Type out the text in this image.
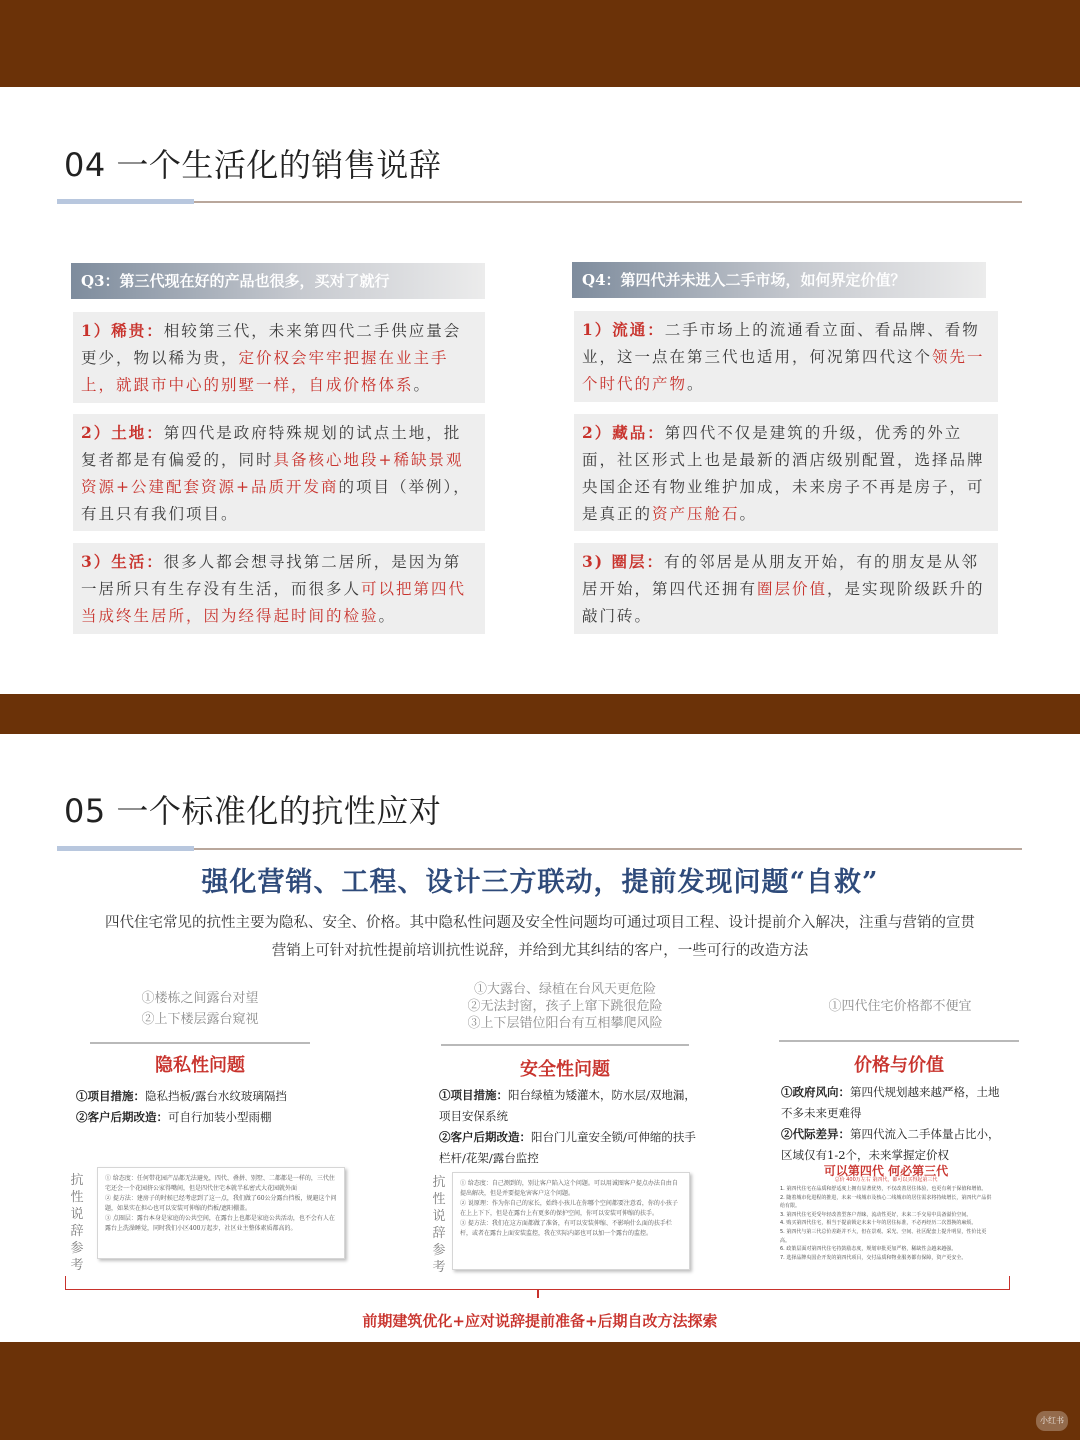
04 一个生活化的销售说辞
Q3：第三代现在好的产品也很多，买对了就行
1）稀贵：相较第三代，未来第四代二手供应量会更少，物以稀为贵，定价权会牢牢把握在业主手上，就跟市中心的别墅一样，自成价格体系。
2）土地：第四代是政府特殊规划的试点土地，批复者都是有偏爱的，同时具备核心地段+稀缺景观资源+公建配套资源+品质开发商的项目（举例），有且只有我们项目。
3）生活：很多人都会想寻找第二居所，是因为第一居所只有生存没有生活，而很多人可以把第四代当成终生居所，因为经得起时间的检验。
Q4：第四代并未进入二手市场，如何界定价值？
1）流通：二手市场上的流通看立面、看品牌、看物业，这一点在第三代也适用，何况第四代这个领先一个时代的产物。
2）藏品：第四代不仅是建筑的升级，优秀的外立面，社区形式上也是最新的酒店级别配置，选择品牌央国企还有物业维护加成，未来房子不再是房子，可是真正的资产压舱石。
3) 圈层：有的邻居是从朋友开始，有的朋友是从邻居开始，第四代还拥有圈层价值，是实现阶级跃升的敲门砖。
05 一个标准化的抗性应对
强化营销、工程、设计三方联动，提前发现问题“自救”
四代住宅常见的抗性主要为隐私、安全、价格。其中隐私性问题及安全性问题均可通过项目工程、设计提前介入解决，注重与营销的宣贯
营销上可针对抗性提前培训抗性说辞，并给到尤其纠结的客户，一些可行的改造方法
①楼栋之间露台对望
②上下楼层露台窥视
隐私性问题
①项目措施：隐私挡板/露台水纹玻璃隔挡
②客户后期改造：可自行加装小型雨棚
抗性说辞参考

① 给态度：任何带花园产品都无法避免，四代、叠拼、别墅、二都都是一样的，三代住宅还会一个花园挤公家得嘴间，但是四代住宅本就半私密式大花园就外面

② 提方法：建房子的时候已经考虑到了这一点，我们做了60公分露台挡板，规避这个问题，如果实在担心也可以安装可伸缩的挡板/遮阳棚盖。

③ 点圈层：露台本身是家庭的公共空间，在露台上也都是家庭公共活动，也不会有人在露台上洗澡睡觉，同时我们小区400万起步，社区业主整体素质都高的。

①大露台、绿植在台风天更危险
②无法封窗，孩子上窜下跳很危险
③上下层错位阳台有互相攀爬风险
安全性问题
①项目措施：阳台绿植为矮灌木，防水层/双地漏，项目安保系统
②客户后期改造：阳台门儿童安全锁/可伸缩的扶手栏杆/花架/露台监控
抗性说辞参考

① 给态度：自己测到的，别让客户陷入这个问题。可以用诚图客户提点办法自由自提出解决，但是并要提危害客户这个问题。

② 说原理：作为你自己的家长，始终小孩儿在你哪个空间都要注意看，你的小孩子在上上下下，但是在露台上有更多的保护空间，你可以安装可伸缩的扶手。

③ 提方法：我们在这方面都做了准备，有可以安装伸缩、不影响什么面的扶手栏杆，或者在露台上面安装监控，我在实际内部也可以加一个露台的监控。

①四代住宅价格都不便宜
价格与价值
①政府风向：第四代规划越来越严格，土地不多未来更难得
②代际差异：第四代流入二手体量占比小，区域仅有1-2个，未来掌握定价权
可以第四代 何必第三代
总价 400万左右 第四代，都可以买得起第三代

1. 第四代住宅在品质和舒适度上拥有显著优势，不仅改善居住体验，也更有利于保值和增值。

2. 随着城市化进程的推进，未来一线城市及核心二线城市的居住需求将持续增长，第四代产品供给有限。

3. 第四代住宅更受年轻改善型客户青睐，流动性更好，未来二手交易中具备溢价空间。

4. 购买第四代住宅，相当于提前锁定未来十年的居住标准，不必再经历二次置换的麻烦。

5. 第四代与第三代总价差距并不大，但在景观、采光、空间、社区配套上提升明显，性价比更高。

6. 政策层面对第四代住宅持鼓励态度，规划审批更加严格，稀缺性会越来越强。

7. 选择品牌央国企开发的第四代项目，交付品质和物业服务都有保障，资产更安全。

前期建筑优化+应对说辞提前准备+后期自改方法探索
小红书
